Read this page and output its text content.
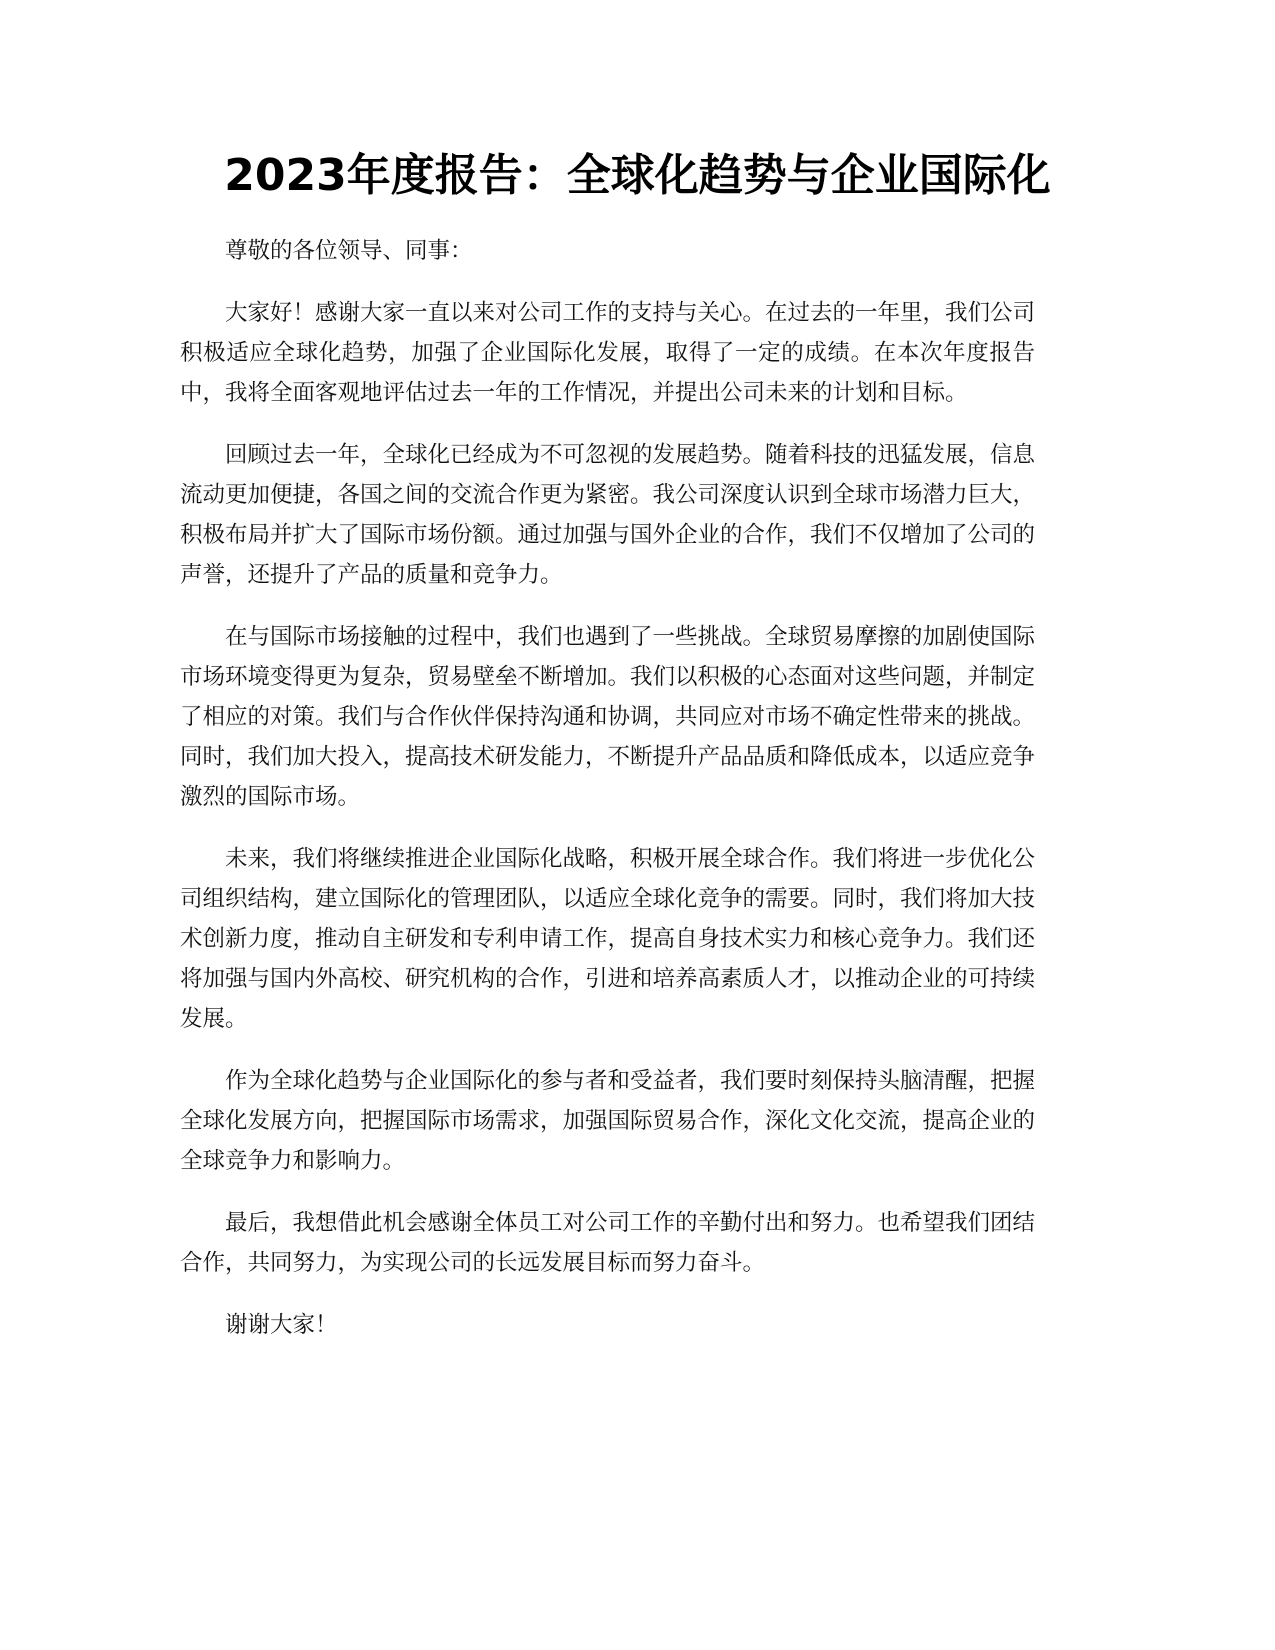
2023年度报告：全球化趋势与企业国际化

尊敬的各位领导、同事：

大家好！感谢大家一直以来对公司工作的支持与关心。在过去的一年里，我们公司积极适应全球化趋势，加强了企业国际化发展，取得了一定的成绩。在本次年度报告中，我将全面客观地评估过去一年的工作情况，并提出公司未来的计划和目标。

回顾过去一年，全球化已经成为不可忽视的发展趋势。随着科技的迅猛发展，信息流动更加便捷，各国之间的交流合作更为紧密。我公司深度认识到全球市场潜力巨大，积极布局并扩大了国际市场份额。通过加强与国外企业的合作，我们不仅增加了公司的声誉，还提升了产品的质量和竞争力。

在与国际市场接触的过程中，我们也遇到了一些挑战。全球贸易摩擦的加剧使国际市场环境变得更为复杂，贸易壁垒不断增加。我们以积极的心态面对这些问题，并制定了相应的对策。我们与合作伙伴保持沟通和协调，共同应对市场不确定性带来的挑战。同时，我们加大投入，提高技术研发能力，不断提升产品品质和降低成本，以适应竞争激烈的国际市场。

未来，我们将继续推进企业国际化战略，积极开展全球合作。我们将进一步优化公司组织结构，建立国际化的管理团队，以适应全球化竞争的需要。同时，我们将加大技术创新力度，推动自主研发和专利申请工作，提高自身技术实力和核心竞争力。我们还将加强与国内外高校、研究机构的合作，引进和培养高素质人才，以推动企业的可持续发展。

作为全球化趋势与企业国际化的参与者和受益者，我们要时刻保持头脑清醒，把握全球化发展方向，把握国际市场需求，加强国际贸易合作，深化文化交流，提高企业的全球竞争力和影响力。

最后，我想借此机会感谢全体员工对公司工作的辛勤付出和努力。也希望我们团结合作，共同努力，为实现公司的长远发展目标而努力奋斗。

谢谢大家！
